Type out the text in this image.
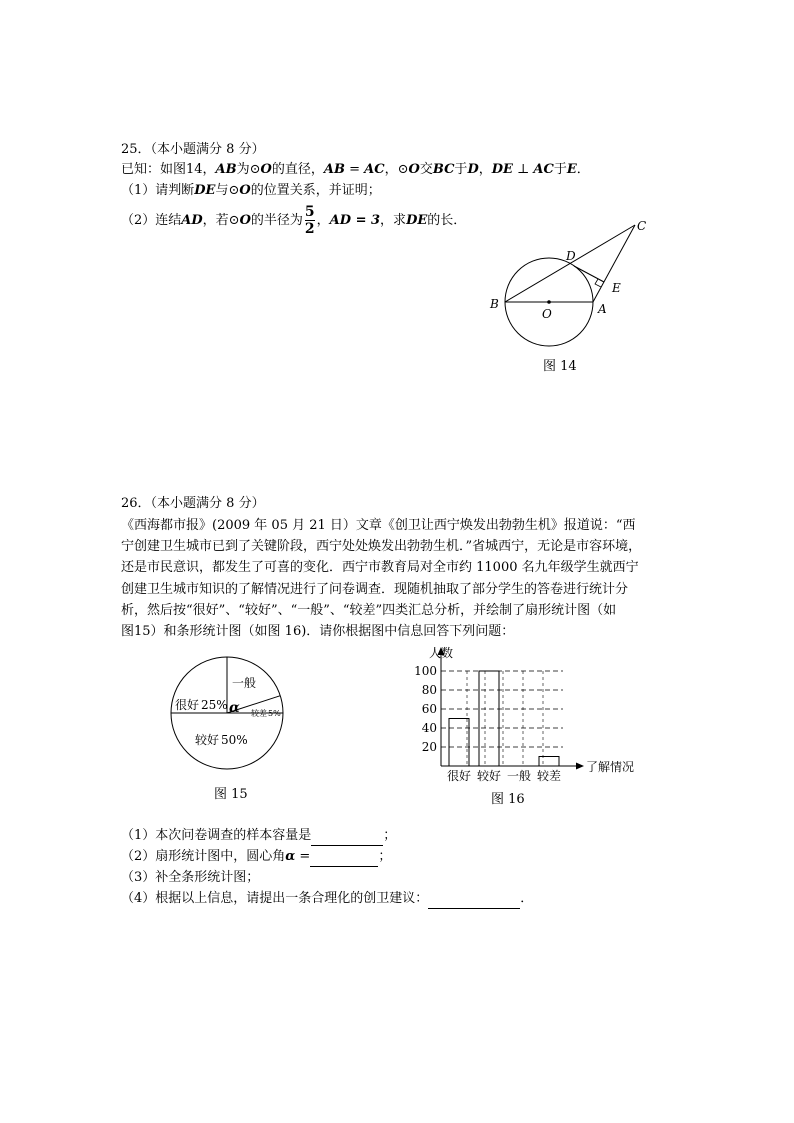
25．（本小题满分 8 分）
已知：如图14，AB为⊙O的直径，AB = AC，⊙O交BC于D，DE ⊥ AC于E．
（1）请判断DE与⊙O的位置关系，并证明；
（2）连结AD，若⊙O的半径为 $\frac{5}{2}$ ，AD = 3，求DE的长．
B
O	A
D
C
E
图 14
26．（本小题满分 8 分）
《西海都市报》(2009 年 05 月 21 日）文章《创卫让西宁焕发出勃勃生机》报道说：“西
宁创建卫生城市已到了关键阶段，西宁处处焕发出勃勃生机．”省城西宁，无论是市容环境，
还是市民意识，都发生了可喜的变化．西宁市教育局对全市约 11000 名九年级学生就西宁
创建卫生城市知识的了解情况进行了问卷调查．现随机抽取了部分学生的答卷进行统计分
析，然后按“很好”、“较好”、“一般”、“较差”四类汇总分析，并绘制了扇形统计图（如
图15）和条形统计图（如图 16)．请你根据图中信息回答下列问题：
很好 25%
较好 50%
一般
较差5%
α
图 15
20
40
60
80
100
很好 较好 一般 较差
人数
了解情况
图 16
（1）本次问卷调查的样本容量是	；
（2）扇形统计图中，圆心角α =	；
（3）补全条形统计图；
（4）根据以上信息，请提出一条合理化的创卫建议：	．
